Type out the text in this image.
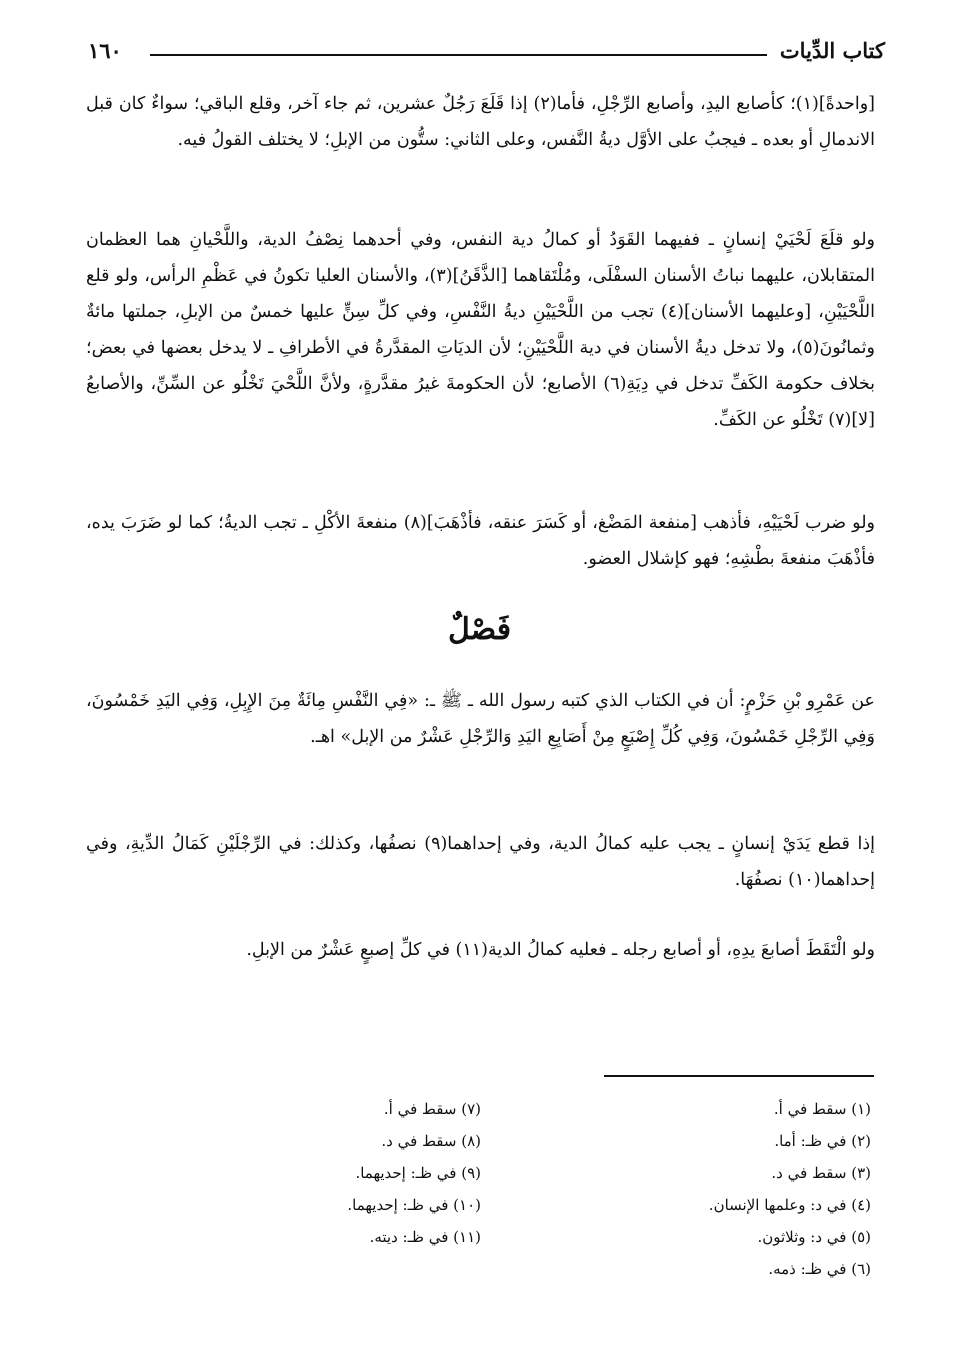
كتاب الدِّيات
١٦٠

[واحدةً](١)؛ كأصابع اليدِ، وأصابع الرِّجْلِ، فأما(٢) إذا قَلَعَ رَجُلٌ عشرين، ثم جاء آخر، وقلع الباقي؛ سواءٌ كان قبل الاندمالِ أو بعده ـ فيجبُ على الأوَّل ديةُ النَّفس، وعلى الثاني: ستُّون من الإبلِ؛ لا يختلف القولُ فيه.

ولو قلَعَ لَحْيَيْ إنسانٍ ـ ففيهما القَوَدُ أو كمالُ دية النفس، وفي أحدهما نِصْفُ الدية، واللَّحْيانِ هما العظمان المتقابلان، عليهما نباتُ الأسنان السفْلَى، ومُلْتَقاهما [الذَّقَنُ](٣)، والأسنان العليا تكونُ في عَظْمِ الرأس، ولو قلع اللَّحْيَيْنِ، [وعليهما الأسنان](٤) تجب من اللَّحْيَيْنِ ديةُ النَّفْسِ، وفي كلِّ سِنٍّ عليها خمسٌ من الإبلِ، جملتها مائةٌ وثمانُونَ(٥)، ولا تدخل ديةُ الأسنان في دية اللَّحْيَيْنِ؛ لأن الديَاتِ المقدَّرةُ في الأطرافِ ـ لا يدخل بعضها في بعض؛ بخلاف حكومة الكَفِّ تدخل في دِيَةِ(٦) الأصابع؛ لأن الحكومةَ غيرُ مقدَّرةٍ، ولأنَّ اللَّحْيَ تَخْلُو عن السِّنِّ، والأصابعُ [لا](٧) تَخْلُو عن الكَفِّ.

ولو ضرب لَحْيَيْهِ، فأذهب [منفعة المَضْغ، أو كَسَرَ عنقه، فأذْهَبَ](٨) منفعةَ الأكْلِ ـ تجب الديةُ؛ كما لو ضَرَبَ يده، فأذْهَبَ منفعةَ بطْشِهِ؛ فهو كإشلال العضو.

فَصْلٌ

عن عَمْرِو بْنِ حَزْمٍ: أن في الكتاب الذي كتبه رسول الله ـ ﷺ ـ: «فِي النَّفْسِ مِائَةٌ مِنَ الإِبِلِ، وَفِي اليَدِ خَمْسُونَ، وَفِي الرِّجْلِ خَمْسُونَ، وَفِي كُلِّ إِصْبَعٍ مِنْ أَصَابِعِ اليَدِ وَالرِّجْلِ عَشْرٌ من الإبل» اهـ.

إذا قطع يَدَيْ إنسانٍ ـ يجب عليه كمالُ الدية، وفي إحداهما(٩) نصفُها، وكذلك: في الرِّجْلَيْنِ كَمَالُ الدِّيةِ، وفي إحداهما(١٠) نصفُهَا.

ولو الْتَقَطَ أصابعَ يدِهِ، أو أصابع رجله ـ فعليه كمالُ الدية(١١) في كلِّ إصبعٍ عَشْرٌ من الإبلِ.

(١) سقط في أ.
(٢) في ظـ: أما.
(٣) سقط في د.
(٤) في د: وعلمها الإنسان.
(٥) في د: وثلاثون.
(٦) في ظـ: ذمه.
(٧) سقط في أ.
(٨) سقط في د.
(٩) في ظـ: إحديهما.
(١٠) في ظـ: إحديهما.
(١١) في ظـ: ديته.
